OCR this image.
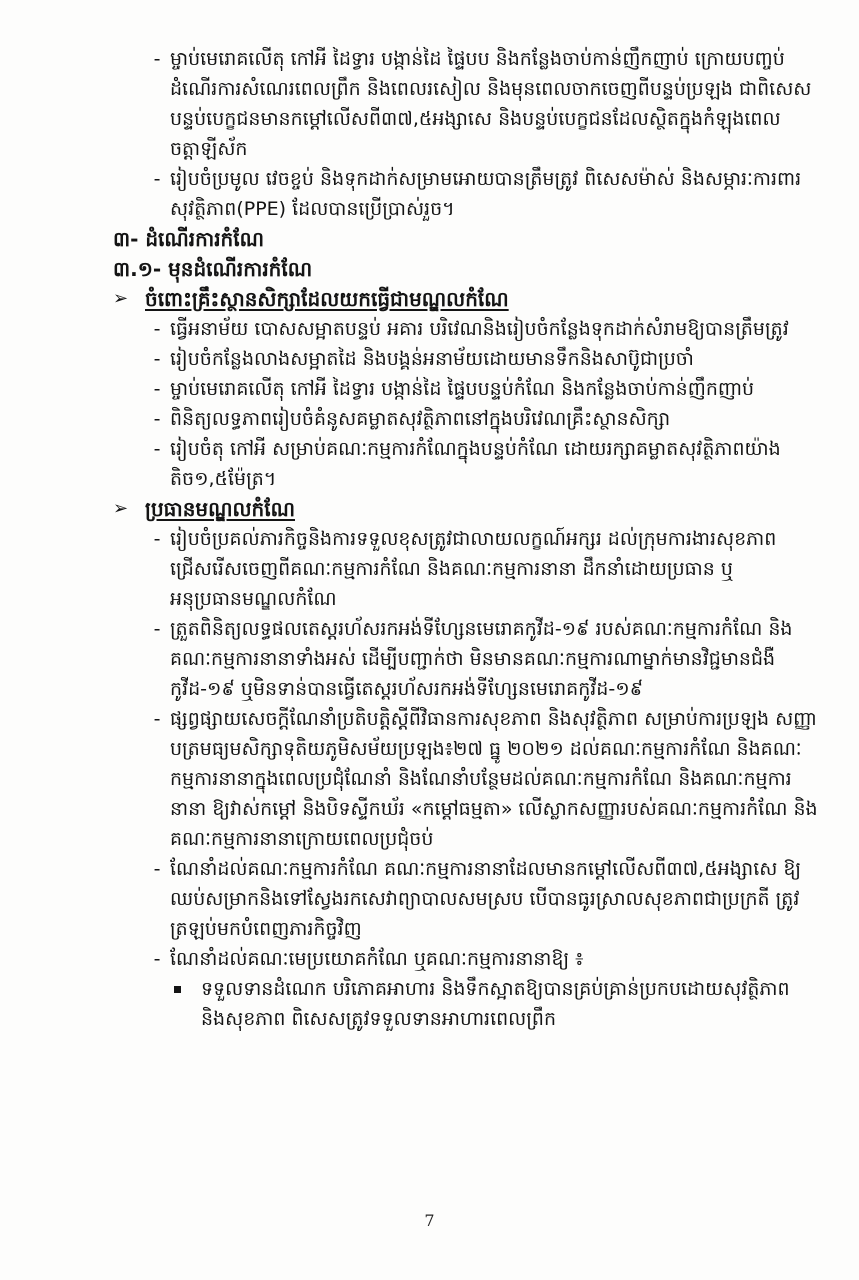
- ម្ចាប់មេរោគលើតុ កៅអី ដៃទ្វារ បង្កាន់ដៃ ផ្ទៃបប និងកន្លែងចាប់កាន់ញឹកញាប់ ក្រោយបញ្ចប់
ដំណើរការសំណេរពេលព្រឹក និងពេលរសៀល និងមុនពេលចាកចេញពីបន្ទប់ប្រឡង ជាពិសេស
បន្ទប់បេក្ខជនមានកម្តៅលើសពី៣៧,៥អង្សាសេ និងបន្ទប់បេក្ខជនដែលស្ថិតក្នុងកំឡុងពេល
ចត្តាឡីស័ក
- រៀបចំប្រមូល វេចខ្ចប់ និងទុកដាក់សម្រាមអោយបានត្រឹមត្រូវ ពិសេសម៉ាស់ និងសម្ភារៈការពារ
សុវត្ថិភាព(PPE) ដែលបានប្រើប្រាស់រួច។
៣- ដំណើរការកំណែ
៣.១- មុនដំណើរការកំណែ
➢ ចំពោះគ្រឹះស្ថានសិក្សាដែលយកធ្វើជាមណ្ឌលកំណែ
- ធ្វើអនាម័យ បោសសម្អាតបន្ទប់ អគារ បរិវេណនិងរៀបចំកន្លែងទុកដាក់សំរាមឱ្យបានត្រឹមត្រូវ
- រៀបចំកន្លែងលាងសម្អាតដៃ និងបង្គន់អនាម័យដោយមានទឹកនិងសាប៊ូជាប្រចាំ
- ម្ចាប់មេរោគលើតុ កៅអី ដៃទ្វារ បង្កាន់ដៃ ផ្ទៃបបន្ទប់កំណែ និងកន្លែងចាប់កាន់ញឹកញាប់
- ពិនិត្យលទ្ធភាពរៀបចំគំនូសគម្លាតសុវត្ថិភាពនៅក្នុងបរិវេណគ្រឹះស្ថានសិក្សា
- រៀបចំតុ កៅអី សម្រាប់គណៈកម្មការកំណែក្នុងបន្ទប់កំណែ ដោយរក្សាគម្លាតសុវត្ថិភាពយ៉ាង
តិច១,៥ម៉ែត្រ។
➢ ប្រធានមណ្ឌលកំណែ
- រៀបចំប្រគល់ភារកិច្ចនិងការទទួលខុសត្រូវជាលាយលក្ខណ៍អក្សរ ដល់ក្រុមការងារសុខភាព
ជ្រើសរើសចេញពីគណៈកម្មការកំណែ និងគណៈកម្មការនានា ដឹកនាំដោយប្រធាន ឬ
អនុប្រធានមណ្ឌលកំណែ
- ត្រួតពិនិត្យលទ្ធផលតេស្តរហ័សរកអង់ទីហ្សែនមេរោគកូវីដ-១៩ របស់គណៈកម្មការកំណែ និង
គណៈកម្មការនានាទាំងអស់ ដើម្បីបញ្ជាក់ថា មិនមានគណៈកម្មការណាម្នាក់មានវិជ្ជមានជំងឺ
កូវីដ-១៩ ឬមិនទាន់បានធ្វើតេស្តរហ័សរកអង់ទីហ្សែនមេរោគកូវីដ-១៩
- ផ្សព្វផ្សាយសេចក្តីណែនាំប្រតិបត្តិស្តីពីវិធានការសុខភាព និងសុវត្ថិភាព សម្រាប់ការប្រឡង សញ្ញា
បត្រមធ្យមសិក្សាទុតិយភូមិសម័យប្រឡង៖២៧ ធ្នូ ២០២១ ដល់គណៈកម្មការកំណែ និងគណៈ
កម្មការនានាក្នុងពេលប្រជុំណែនាំ និងណែនាំបន្ថែមដល់គណៈកម្មការកំណែ និងគណៈកម្មការ
នានា ឱ្យវាស់កម្តៅ និងបិទស្ទីកឃ័រ «កម្តៅធម្មតា» លើស្លាកសញ្ញារបស់គណៈកម្មការកំណែ និង
គណៈកម្មការនានាក្រោយពេលប្រជុំចប់
- ណែនាំដល់គណៈកម្មការកំណែ គណៈកម្មការនានាដែលមានកម្តៅលើសពី៣៧,៥អង្សាសេ ឱ្យ
ឈប់សម្រាកនិងទៅស្វែងរកសេវាព្យាបាលសមស្រប បើបានធូរស្រាលសុខភាពជាប្រក្រតី ត្រូវ
ត្រឡប់មកបំពេញភារកិច្ចវិញ
- ណែនាំដល់គណៈមេប្រយោគកំណែ ឬគណៈកម្មការនានាឱ្យ ៖
ទទួលទានដំណេក បរិភោគអាហារ និងទឹកស្អាតឱ្យបានគ្រប់គ្រាន់ប្រកបដោយសុវត្ថិភាព
និងសុខភាព ពិសេសត្រូវទទួលទានអាហារពេលព្រឹក
7
